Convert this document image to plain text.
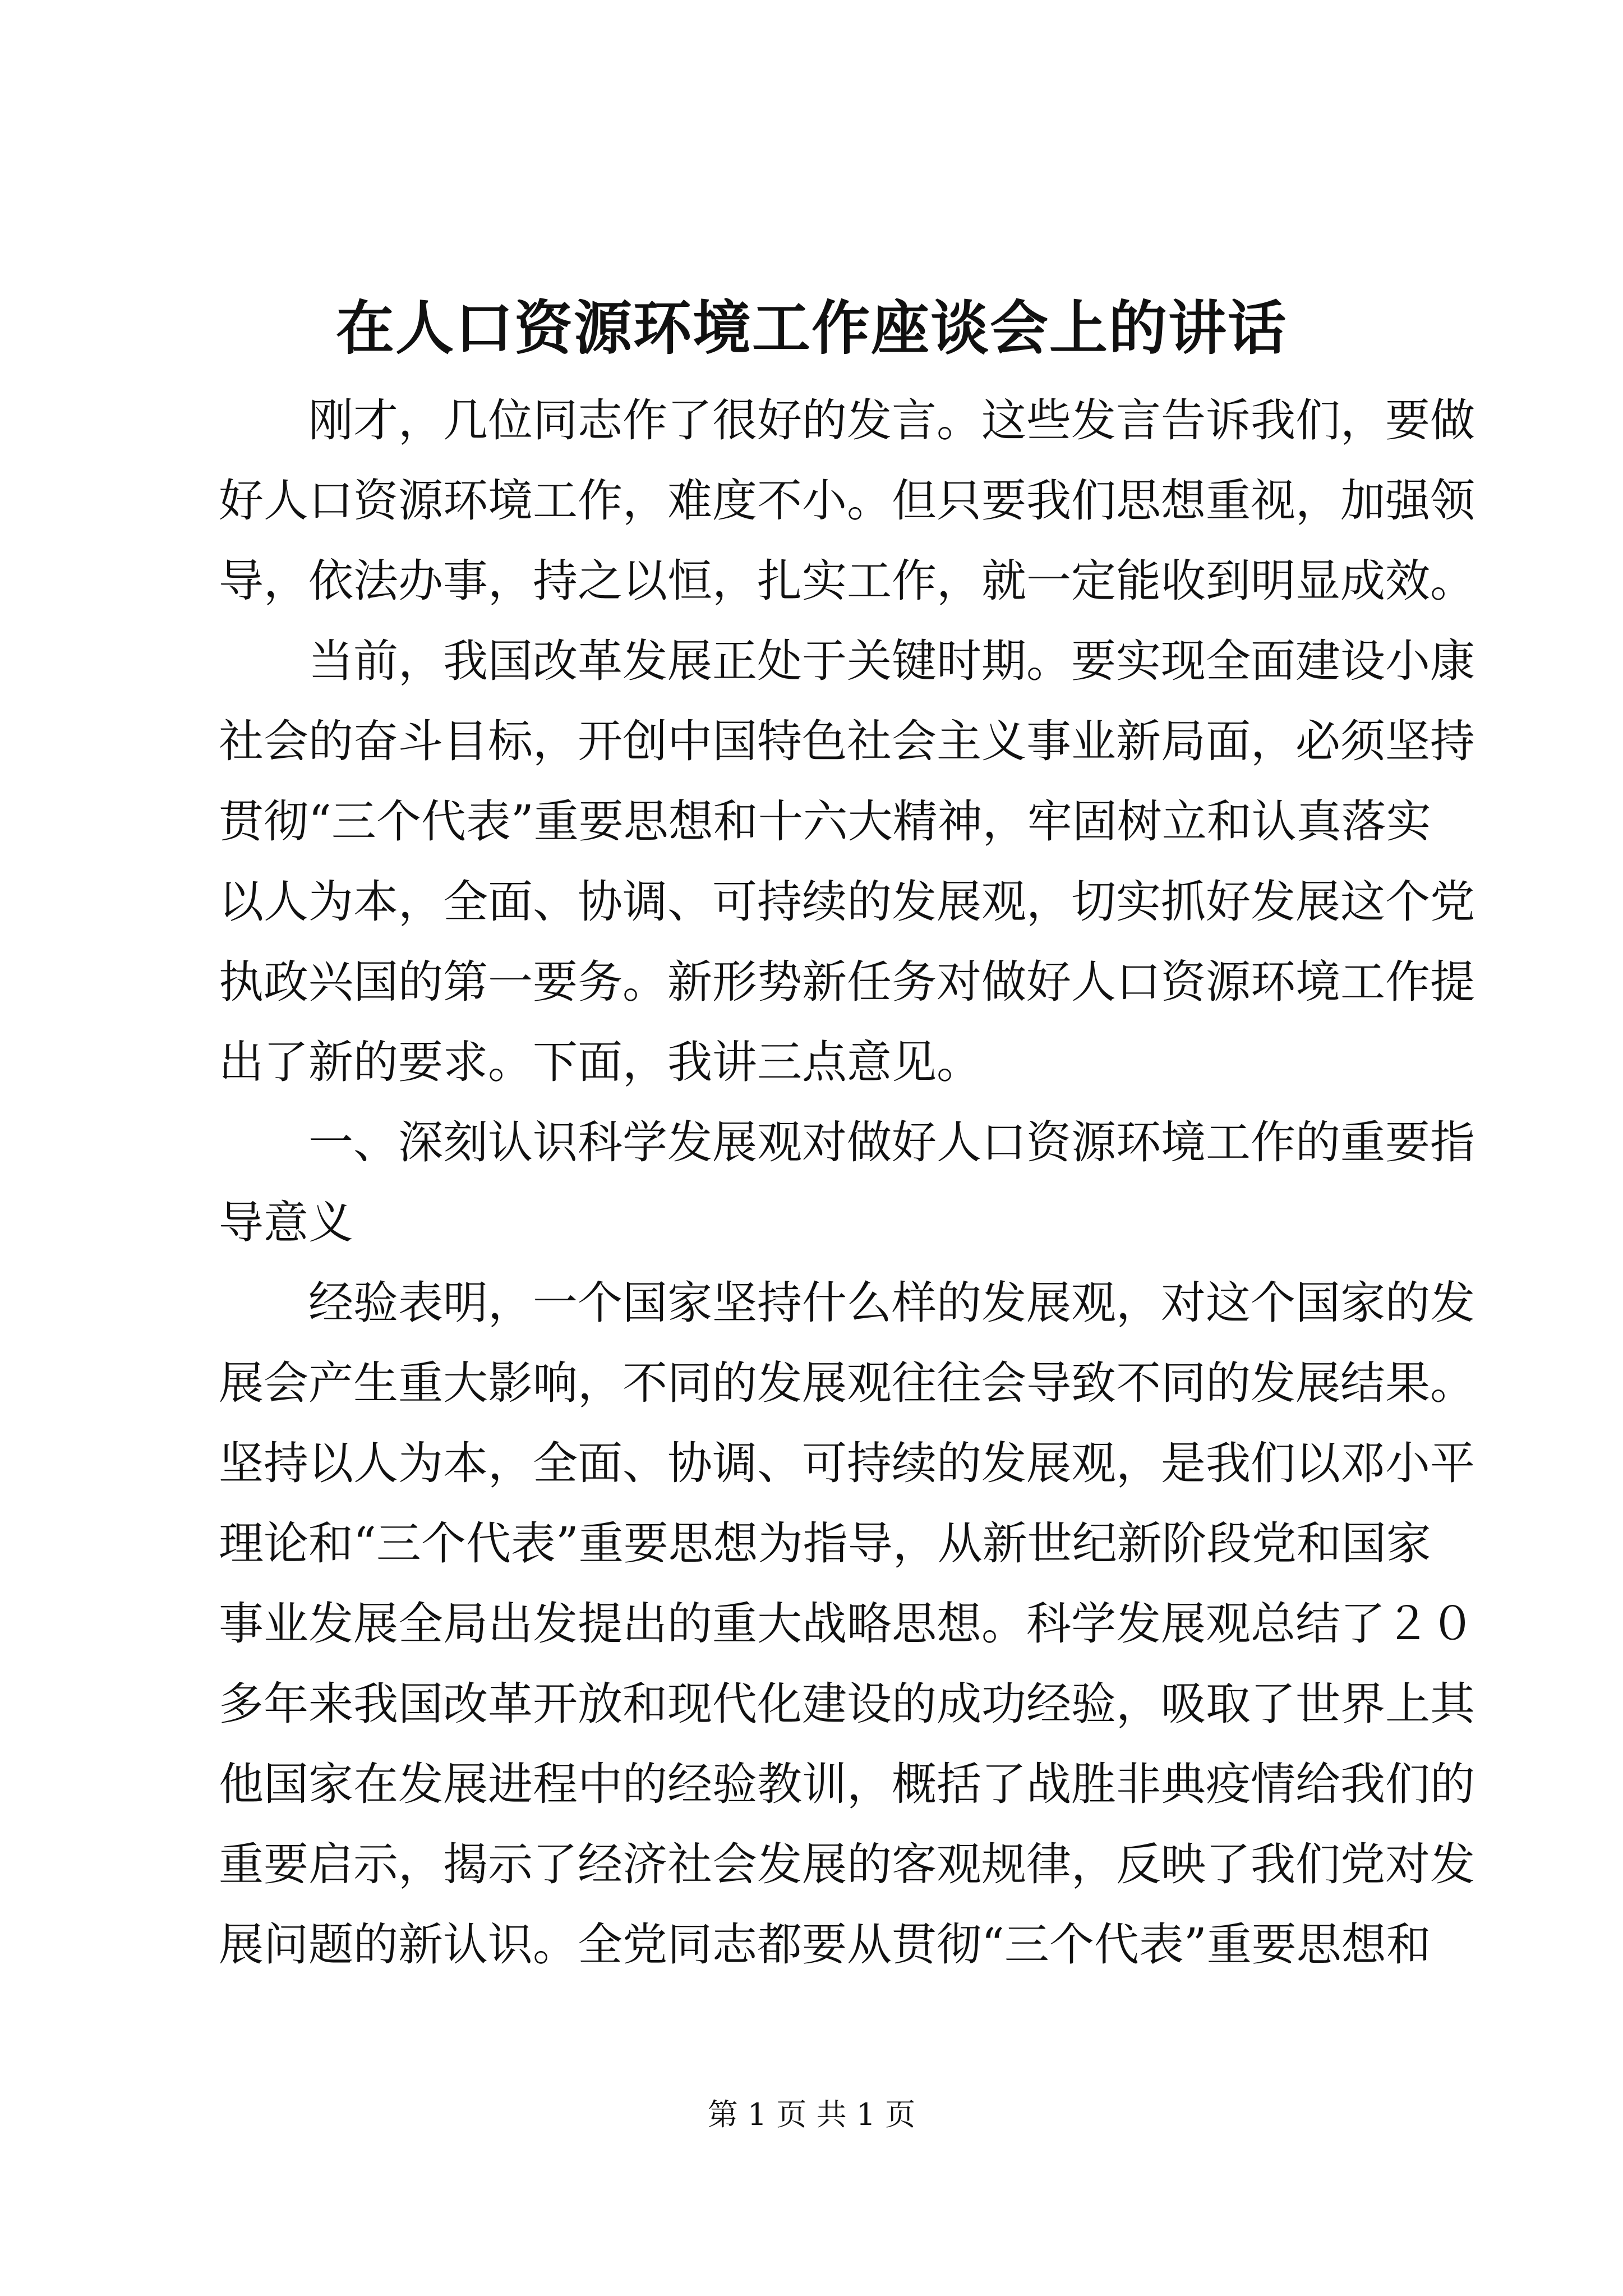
在人口资源环境工作座谈会上的讲话
刚才，几位同志作了很好的发言。这些发言告诉我们，要做
好人口资源环境工作，难度不小。但只要我们思想重视，加强领
导，依法办事，持之以恒，扎实工作，就一定能收到明显成效。
当前，我国改革发展正处于关键时期。要实现全面建设小康
社会的奋斗目标，开创中国特色社会主义事业新局面，必须坚持
贯彻“三个代表”重要思想和十六大精神，牢固树立和认真落实
以人为本，全面、协调、可持续的发展观，切实抓好发展这个党
执政兴国的第一要务。新形势新任务对做好人口资源环境工作提
出了新的要求。下面，我讲三点意见。
一、深刻认识科学发展观对做好人口资源环境工作的重要指
导意义
经验表明，一个国家坚持什么样的发展观，对这个国家的发
展会产生重大影响，不同的发展观往往会导致不同的发展结果。
坚持以人为本，全面、协调、可持续的发展观，是我们以邓小平
理论和“三个代表”重要思想为指导，从新世纪新阶段党和国家
事业发展全局出发提出的重大战略思想。科学发展观总结了２０
多年来我国改革开放和现代化建设的成功经验，吸取了世界上其
他国家在发展进程中的经验教训，概括了战胜非典疫情给我们的
重要启示，揭示了经济社会发展的客观规律，反映了我们党对发
展问题的新认识。全党同志都要从贯彻“三个代表”重要思想和
第 1 页 共 1 页
